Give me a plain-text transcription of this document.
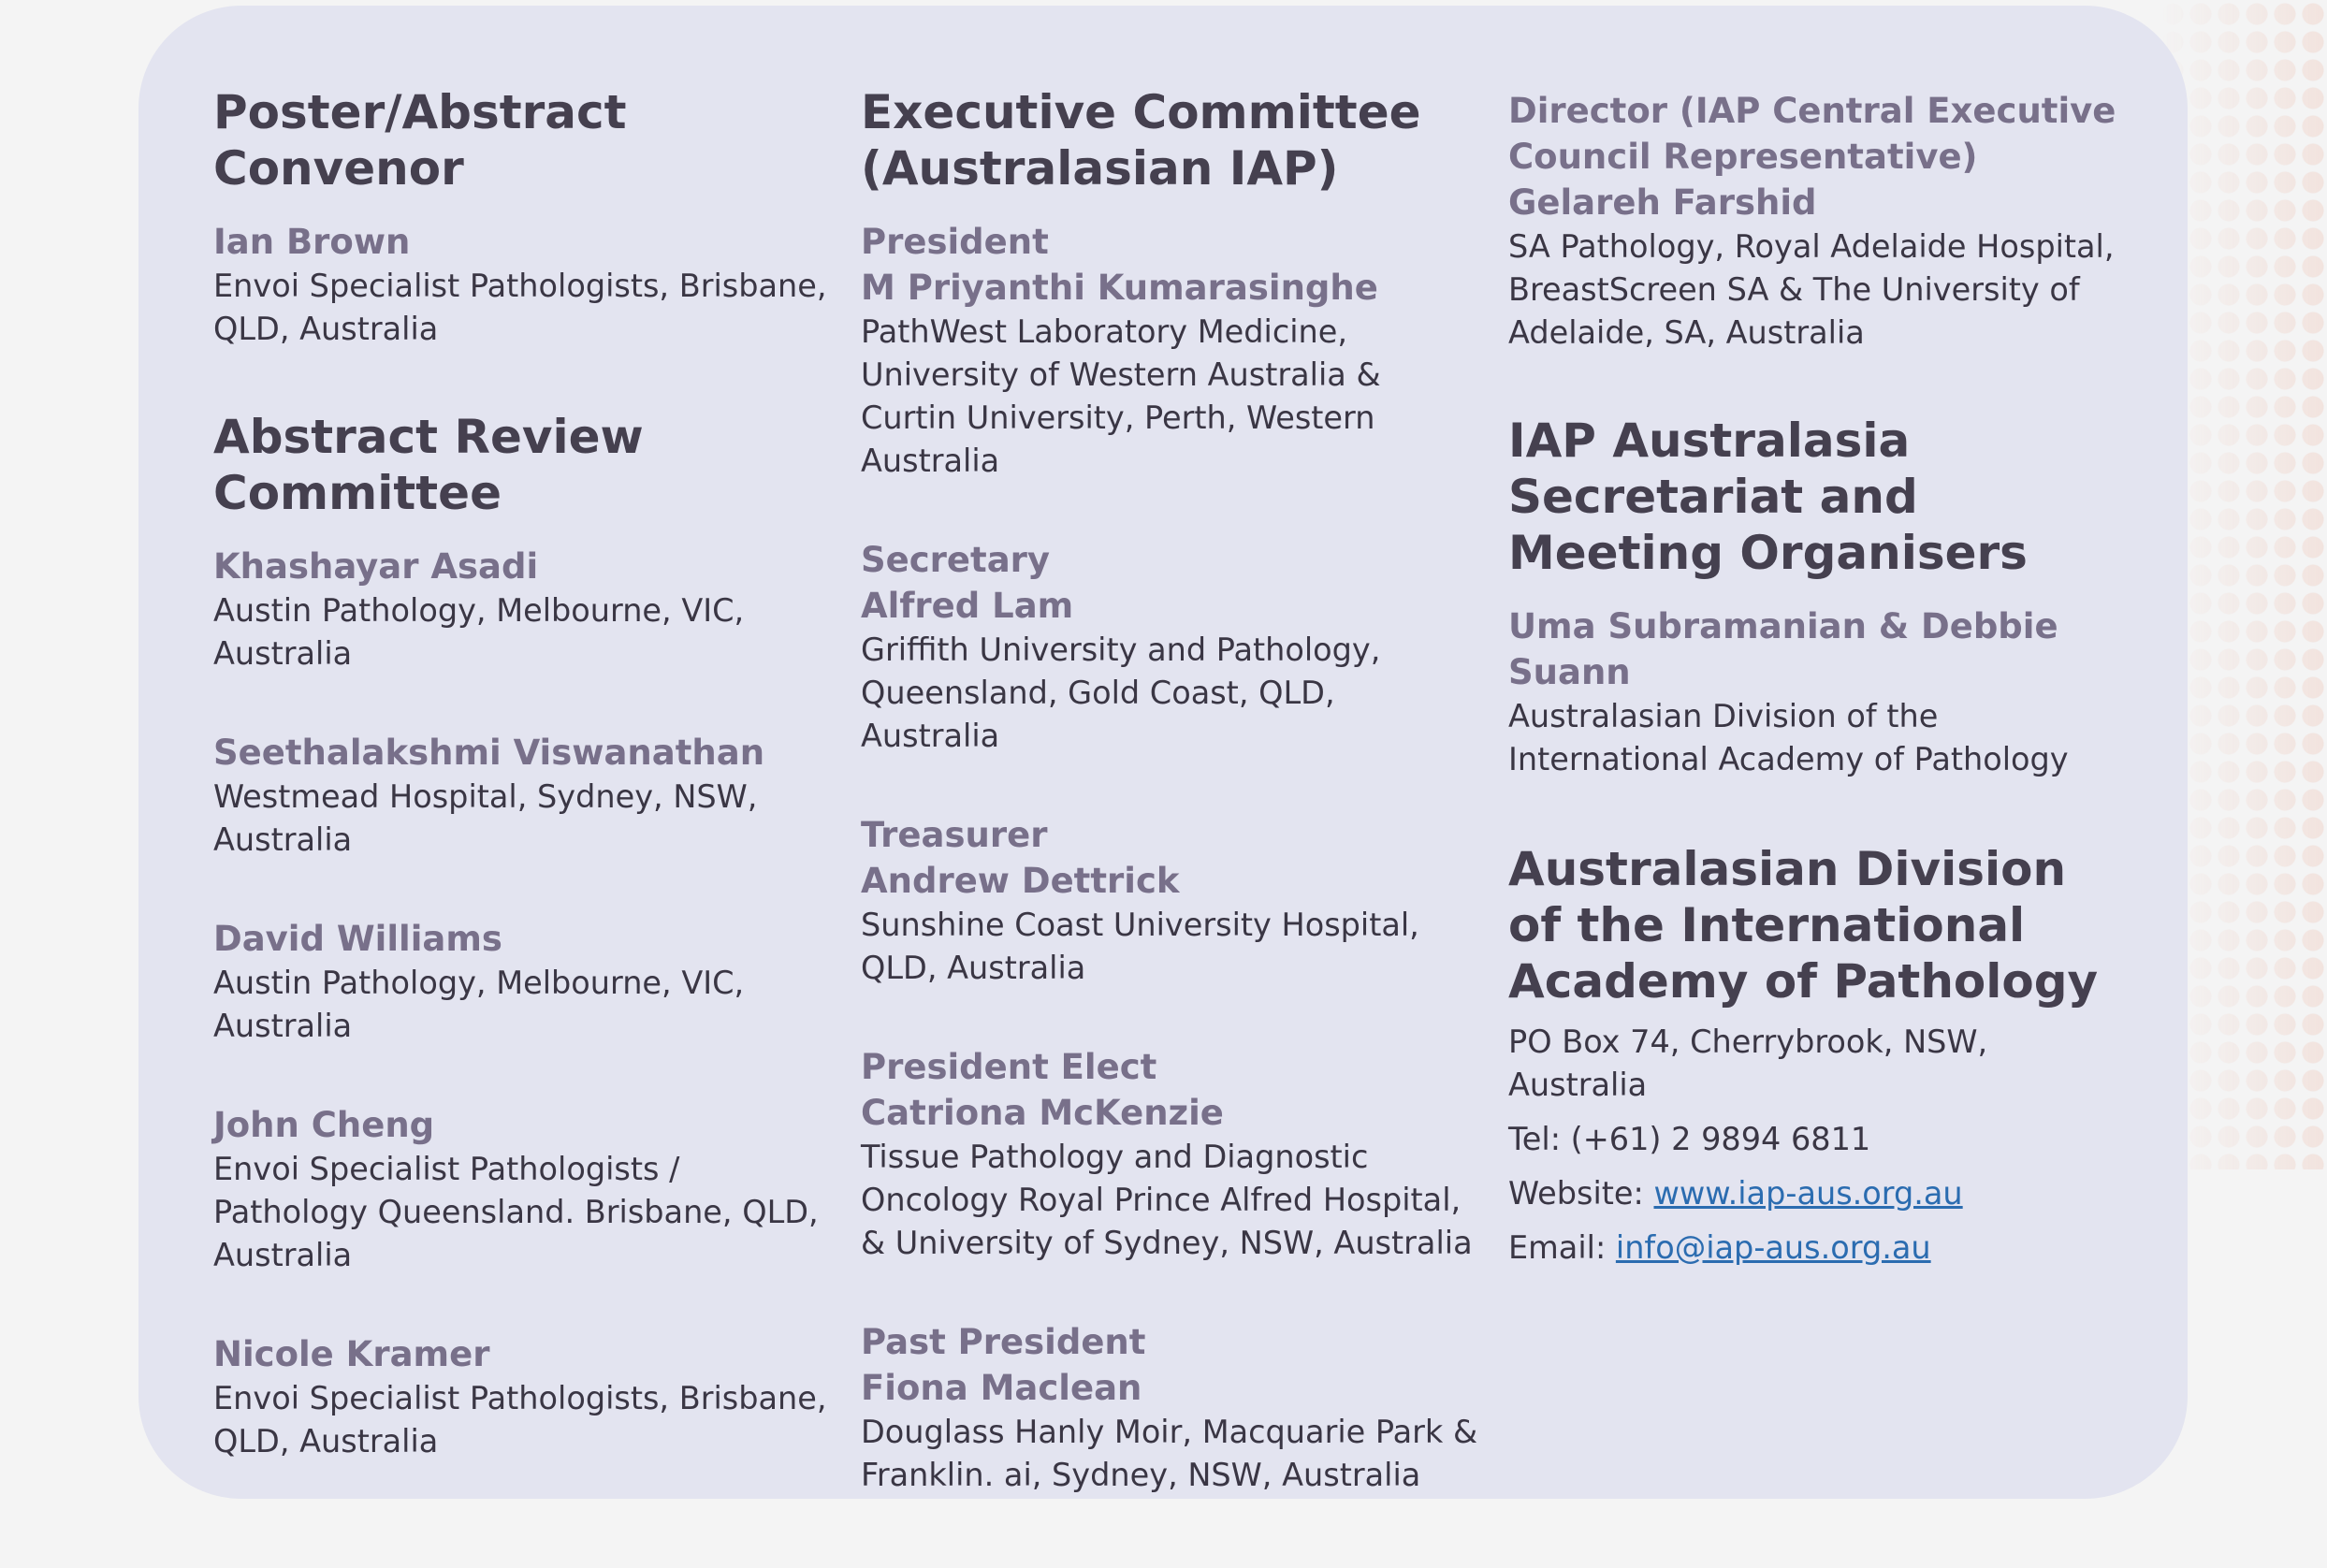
Poster/Abstract Convenor
Ian Brown
Envoi Specialist Pathologists, Brisbane, QLD, Australia
Abstract Review Committee
Khashayar Asadi
Austin Pathology, Melbourne, VIC, Australia
Seethalakshmi Viswanathan
Westmead Hospital, Sydney, NSW, Australia
David Williams
Austin Pathology, Melbourne, VIC, Australia
John Cheng
Envoi Specialist Pathologists / Pathology Queensland. Brisbane, QLD, Australia
Nicole Kramer
Envoi Specialist Pathologists, Brisbane, QLD, Australia
Executive Committee (Australasian IAP)
President
M Priyanthi Kumarasinghe
PathWest Laboratory Medicine, University of Western Australia & Curtin University, Perth, Western Australia
Secretary
Alfred Lam
Griffith University and Pathology, Queensland, Gold Coast, QLD, Australia
Treasurer
Andrew Dettrick
Sunshine Coast University Hospital, QLD, Australia
President Elect
Catriona McKenzie
Tissue Pathology and Diagnostic Oncology Royal Prince Alfred Hospital, & University of Sydney, NSW, Australia
Past President
Fiona Maclean
Douglass Hanly Moir, Macquarie Park & Franklin. ai, Sydney, NSW, Australia
Director (IAP Central Executive Council Representative)
Gelareh Farshid
SA Pathology, Royal Adelaide Hospital, BreastScreen SA & The University of Adelaide, SA, Australia
IAP Australasia Secretariat and Meeting Organisers
Uma Subramanian & Debbie Suann
Australasian Division of the International Academy of Pathology
Australasian Division of the International Academy of Pathology
PO Box 74, Cherrybrook, NSW, Australia
Tel: (+61) 2 9894 6811
Website: www.iap-aus.org.au
Email: info@iap-aus.org.au
